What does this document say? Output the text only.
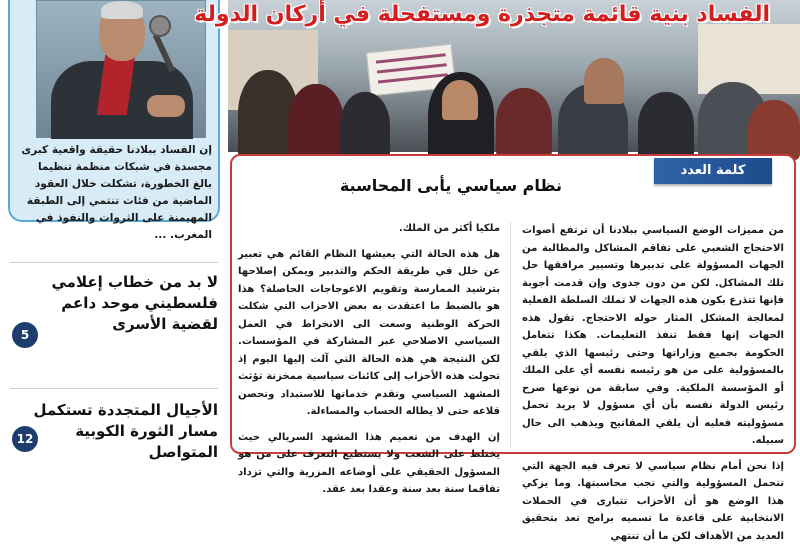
إن الفساد ببلادنا حقيقة واقعية كبرى مجسدة في شبكات منظمة تنظيما بالغ الخطورة، تشكلت خلال العقود الماضية من فئات تنتمي إلى الطبقة المهيمنة على الثروات والنفوذ في المغرب. ...
لا بد من خطاب إعلامي فلسطيني موحد داعم لقضية الأسرى
5
الأجيال المتجددة تستكمل مسار الثورة الكوبية المتواصل
12
الفساد بنية قائمة متجذرة ومستفحلة في أركان الدولة
كلمة العدد
نظام سياسي يأبى المحاسبة

من مميزات الوضع السياسي ببلادنا أن ترتفع أصوات الاحتجاج الشعبي على تفاقم المشاكل والمطالبة من الجهات المسؤولة على تدبيرها وتسيير مرافقها حل تلك المشاكل. لكن من دون جدوى وإن قدمت أجوبة فإنها تتذرع بكون هذه الجهات لا تملك السلطة الفعلية لمعالجة المشكل المثار حوله الاحتجاج. تقول هذه الجهات إنها فقط تنفذ التعليمات. هكذا تتعامل الحكومة بجميع وزاراتها وحتى رئيسها الذي يلقي بالمسؤولية على من هو رئيسه نفسه أي على الملك أو المؤسسة الملكية. وفي سابقة من نوعها صرح رئيس الدولة نفسه بأن أي مسؤول لا يريد تحمل مسؤوليته فعليه أن يلقي المفاتيح ويذهب الى حال سبيله.

إذا نحن أمام نظام سياسي لا تعرف فيه الجهة التي تتحمل المسؤولية والتي تجب محاسبتها. وما يزكي هذا الوضع هو أن الأحزاب تتبارى في الحملات الانتخابية على قاعدة ما تسميه برامج تعد بتحقيق العديد من الأهداف لكن ما أن تنتهي

ملكيا أكثر من الملك.

هل هذه الحالة التي يعيشها النظام القائم هي تعبير عن خلل في طريقة الحكم والتدبير ويمكن إصلاحها بترشيد الممارسة وتقويم الاعوجاجات الحاصلة؟ هذا هو بالضبط ما اعتقدت به بعض الاحزاب التي شكلت الحركة الوطنية وسعت الى الانخراط في العمل السياسي الاصلاحي عبر المشاركة في المؤسسات. لكن النتيجة هي هذه الحالة التي آلت إليها اليوم إذ تحولت هذه الأحزاب إلى كائنات سياسية ممخزنة تؤثث المشهد السياسي وتقدم خدماتها للاستبداد وتحصن قلاعه حتى لا يطاله الحساب والمساءلة.

إن الهدف من تعميم هذا المشهد السريالي حيث يختلط على الشعب ولا يستطيع التعرف على من هو المسؤول الحقيقي على أوضاعه المزرية والتي تزداد تفاقما سنة بعد سنة وعقدا بعد عقد.
